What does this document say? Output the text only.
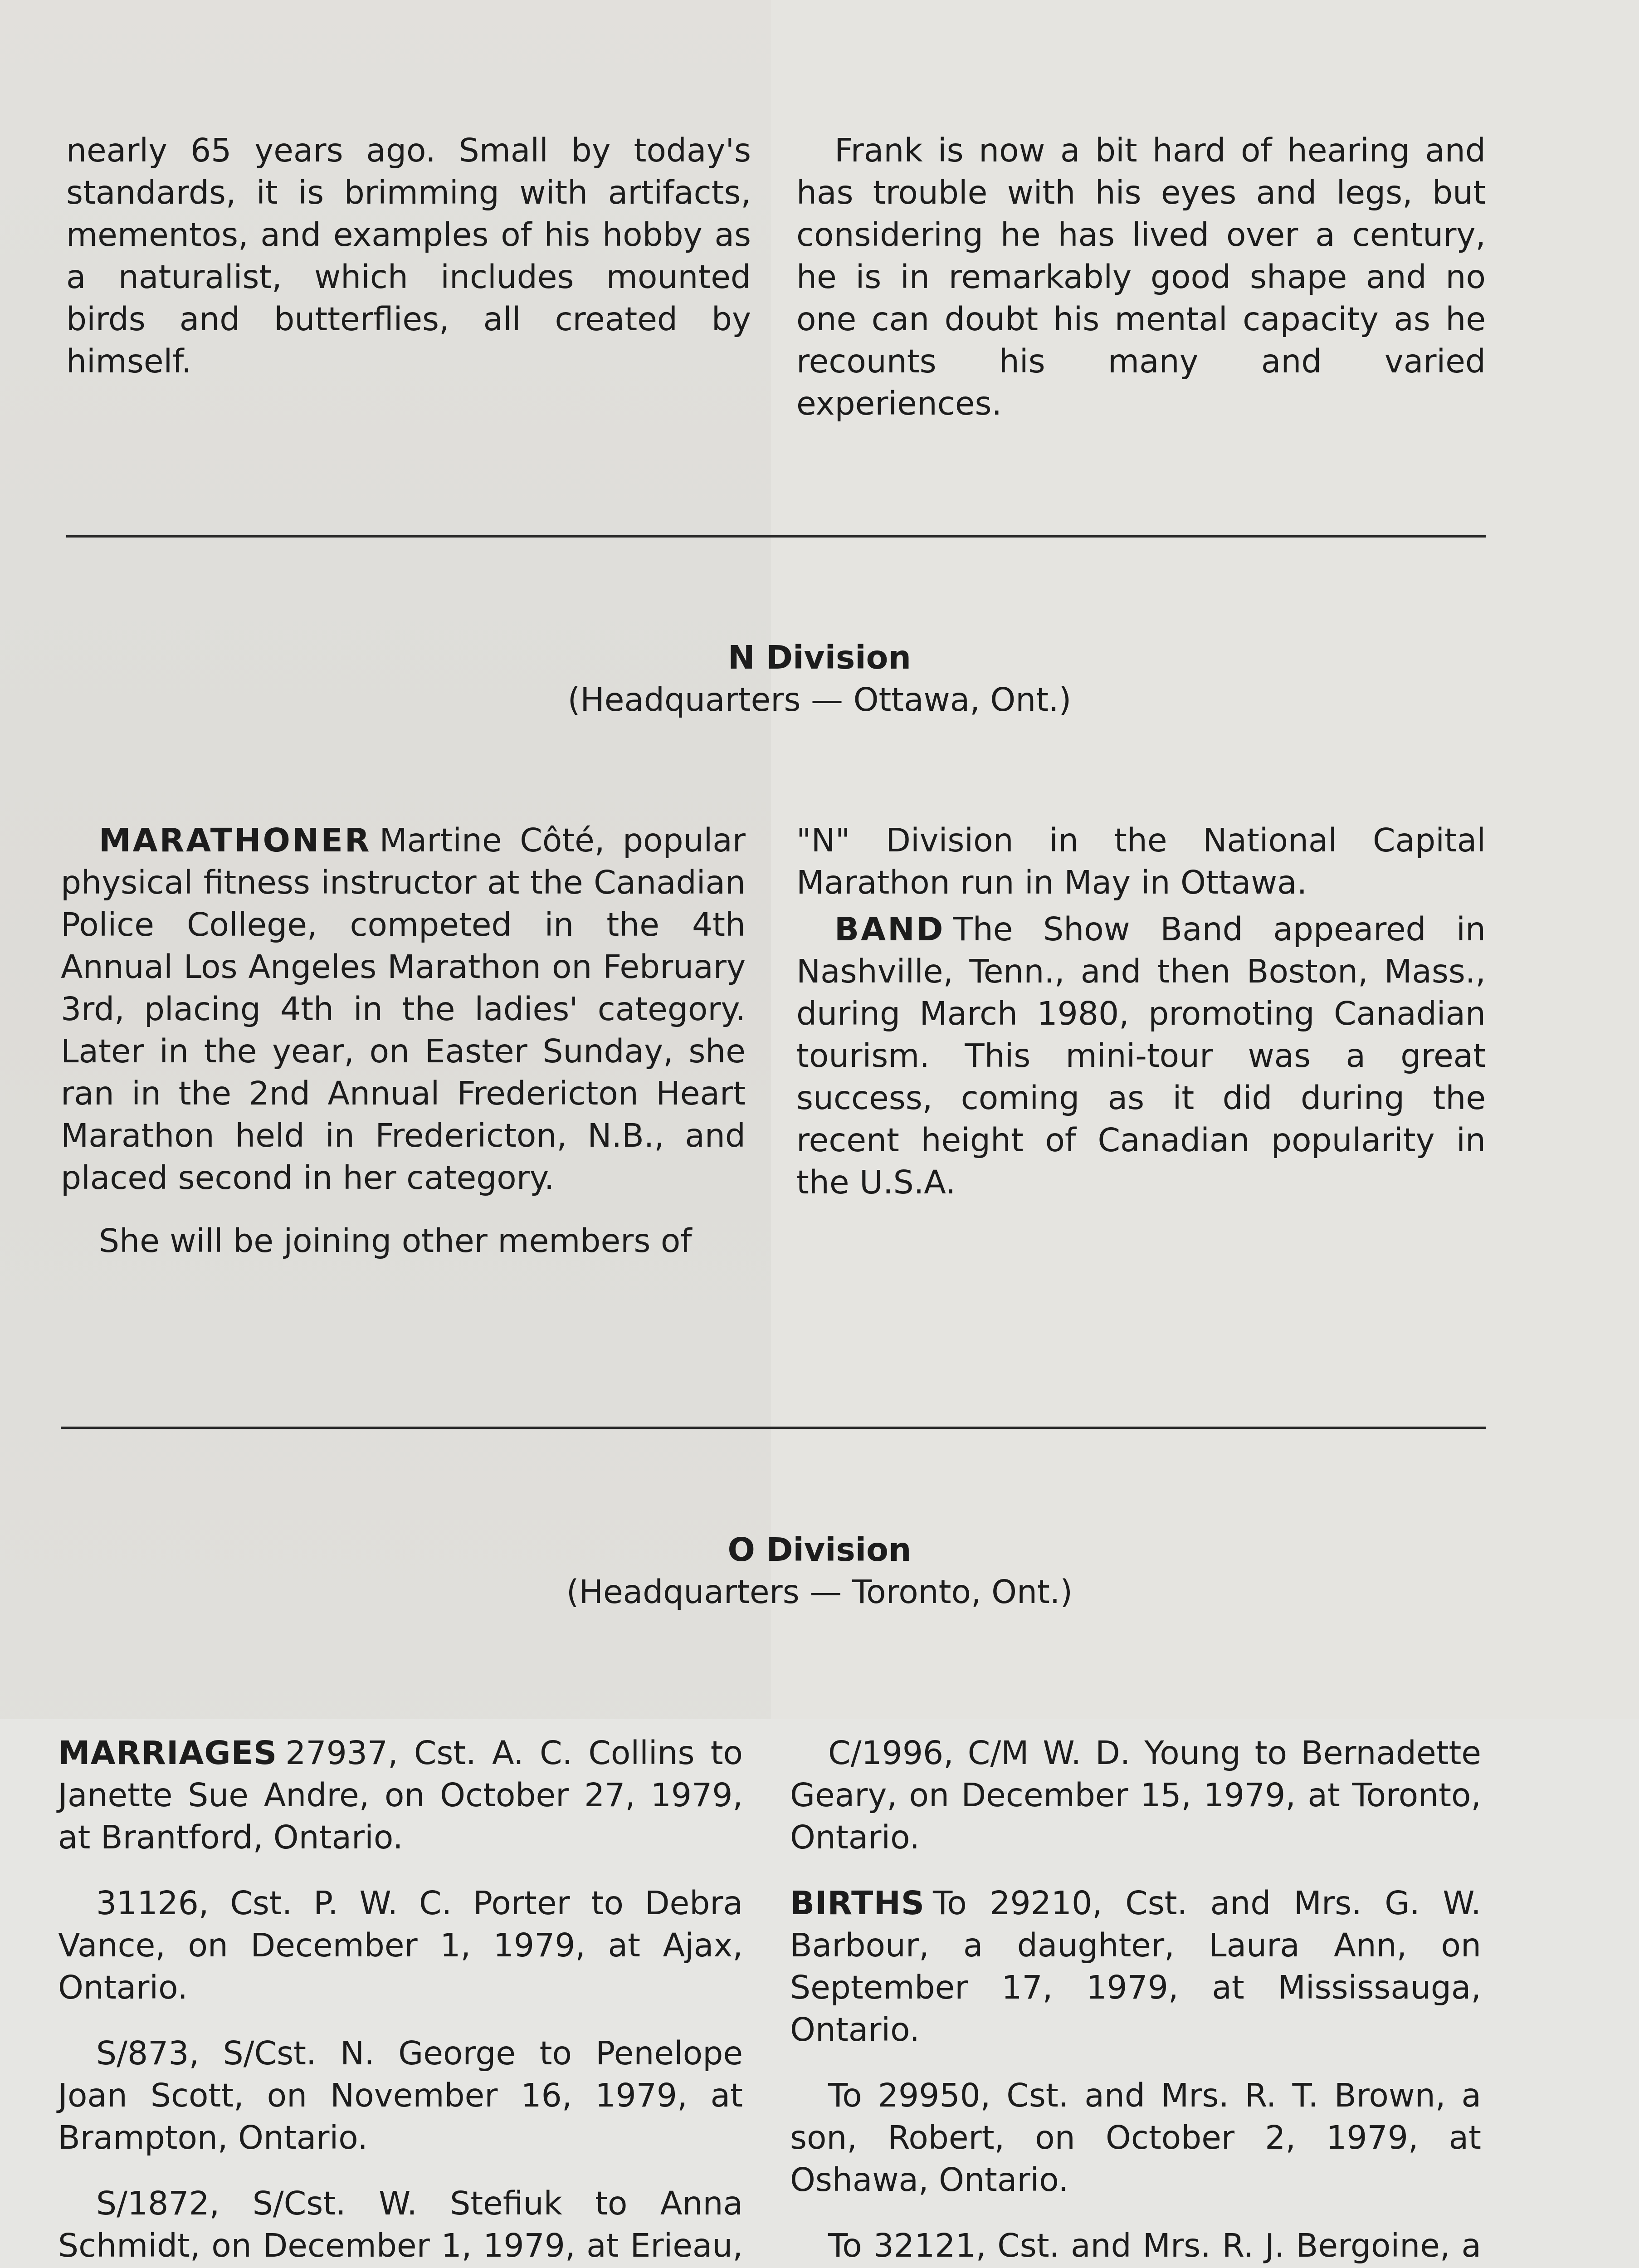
nearly 65 years ago. Small by today's standards, it is brimming with artifacts, mementos, and examples of his hobby as a naturalist, which includes mounted birds and butterflies, all created by himself.

Frank is now a bit hard of hearing and has trouble with his eyes and legs, but considering he has lived over a century, he is in remarkably good shape and no one can doubt his mental capacity as he recounts his many and varied experiences.

N Division
(Headquarters — Ottawa, Ont.)

MARATHONER Martine Côté, popular physical fitness instructor at the Canadian Police College, competed in the 4th Annual Los Angeles Marathon on February 3rd, placing 4th in the ladies' category. Later in the year, on Easter Sunday, she ran in the 2nd Annual Fredericton Heart Marathon held in Fredericton, N.B., and placed second in her category.

She will be joining other members of

"N" Division in the National Capital Marathon run in May in Ottawa.

BAND The Show Band appeared in Nashville, Tenn., and then Boston, Mass., during March 1980, promoting Canadian tourism. This mini-tour was a great success, coming as it did during the recent height of Canadian popularity in the U.S.A.

O Division
(Headquarters — Toronto, Ont.)

MARRIAGES 27937, Cst. A. C. Collins to Janette Sue Andre, on October 27, 1979, at Brantford, Ontario.

31126, Cst. P. W. C. Porter to Debra Vance, on December 1, 1979, at Ajax, Ontario.

S/873, S/Cst. N. George to Penelope Joan Scott, on November 16, 1979, at Brampton, Ontario.

S/1872, S/Cst. W. Stefiuk to Anna Schmidt, on December 1, 1979, at Erieau,

C/1996, C/M W. D. Young to Bernadette Geary, on December 15, 1979, at Toronto, Ontario.

BIRTHS To 29210, Cst. and Mrs. G. W. Barbour, a daughter, Laura Ann, on September 17, 1979, at Mississauga, Ontario.

To 29950, Cst. and Mrs. R. T. Brown, a son, Robert, on October 2, 1979, at Oshawa, Ontario.

To 32121, Cst. and Mrs. R. J. Bergoine, a
